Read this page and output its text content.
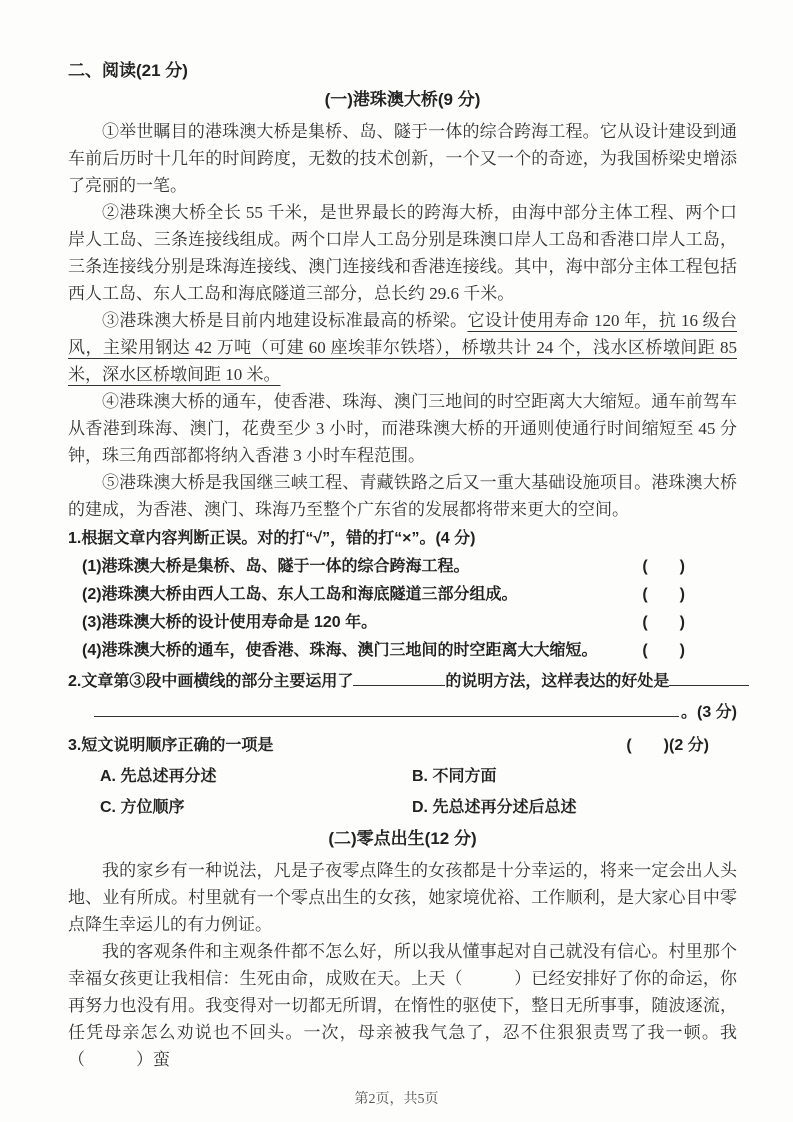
二、阅读(21 分)
(一)港珠澳大桥(9 分)

①举世瞩目的港珠澳大桥是集桥、岛、隧于一体的综合跨海工程。它从设计建设到通车前后历时十几年的时间跨度，无数的技术创新，一个又一个的奇迹，为我国桥梁史增添了亮丽的一笔。

②港珠澳大桥全长 55 千米，是世界最长的跨海大桥，由海中部分主体工程、两个口岸人工岛、三条连接线组成。两个口岸人工岛分别是珠澳口岸人工岛和香港口岸人工岛，三条连接线分别是珠海连接线、澳门连接线和香港连接线。其中，海中部分主体工程包括西人工岛、东人工岛和海底隧道三部分，总长约 29.6 千米。

③港珠澳大桥是目前内地建设标准最高的桥梁。它设计使用寿命 120 年，抗 16 级台风，主梁用钢达 42 万吨（可建 60 座埃菲尔铁塔），桥墩共计 24 个，浅水区桥墩间距 85 米，深水区桥墩间距 10 米。

④港珠澳大桥的通车，使香港、珠海、澳门三地间的时空距离大大缩短。通车前驾车从香港到珠海、澳门，花费至少 3 小时，而港珠澳大桥的开通则使通行时间缩短至 45 分钟，珠三角西部都将纳入香港 3 小时车程范围。

⑤港珠澳大桥是我国继三峡工程、青藏铁路之后又一重大基础设施项目。港珠澳大桥的建成，为香港、澳门、珠海乃至整个广东省的发展都将带来更大的空间。

1.根据文章内容判断正误。对的打“√”，错的打“×”。(4 分)
(1)港珠澳大桥是集桥、岛、隧于一体的综合跨海工程。	(　　)
(2)港珠澳大桥由西人工岛、东人工岛和海底隧道三部分组成。	(　　)
(3)港珠澳大桥的设计使用寿命是 120 年。	(　　)
(4)港珠澳大桥的通车，使香港、珠海、澳门三地间的时空距离大大缩短。	(　　)
2.文章第③段中画横线的部分主要运用了	的说明方法，这样表达的好处是
。(3 分)
3.短文说明顺序正确的一项是	(　　)(2 分)
A. 先总述再分述	B. 不同方面
C. 方位顺序	D. 先总述再分述后总述
(二)零点出生(12 分)

我的家乡有一种说法，凡是子夜零点降生的女孩都是十分幸运的，将来一定会出人头地、业有所成。村里就有一个零点出生的女孩，她家境优裕、工作顺利，是大家心目中零点降生幸运儿的有力例证。

我的客观条件和主观条件都不怎么好，所以我从懂事起对自己就没有信心。村里那个幸福女孩更让我相信：生死由命，成败在天。上天（　　　）已经安排好了你的命运，你再努力也没有用。我变得对一切都无所谓，在惰性的驱使下，整日无所事事，随波逐流，任凭母亲怎么劝说也不回头。一次，母亲被我气急了，忍不住狠狠责骂了我一顿。我（　　　）蛮

第2页，共5页
